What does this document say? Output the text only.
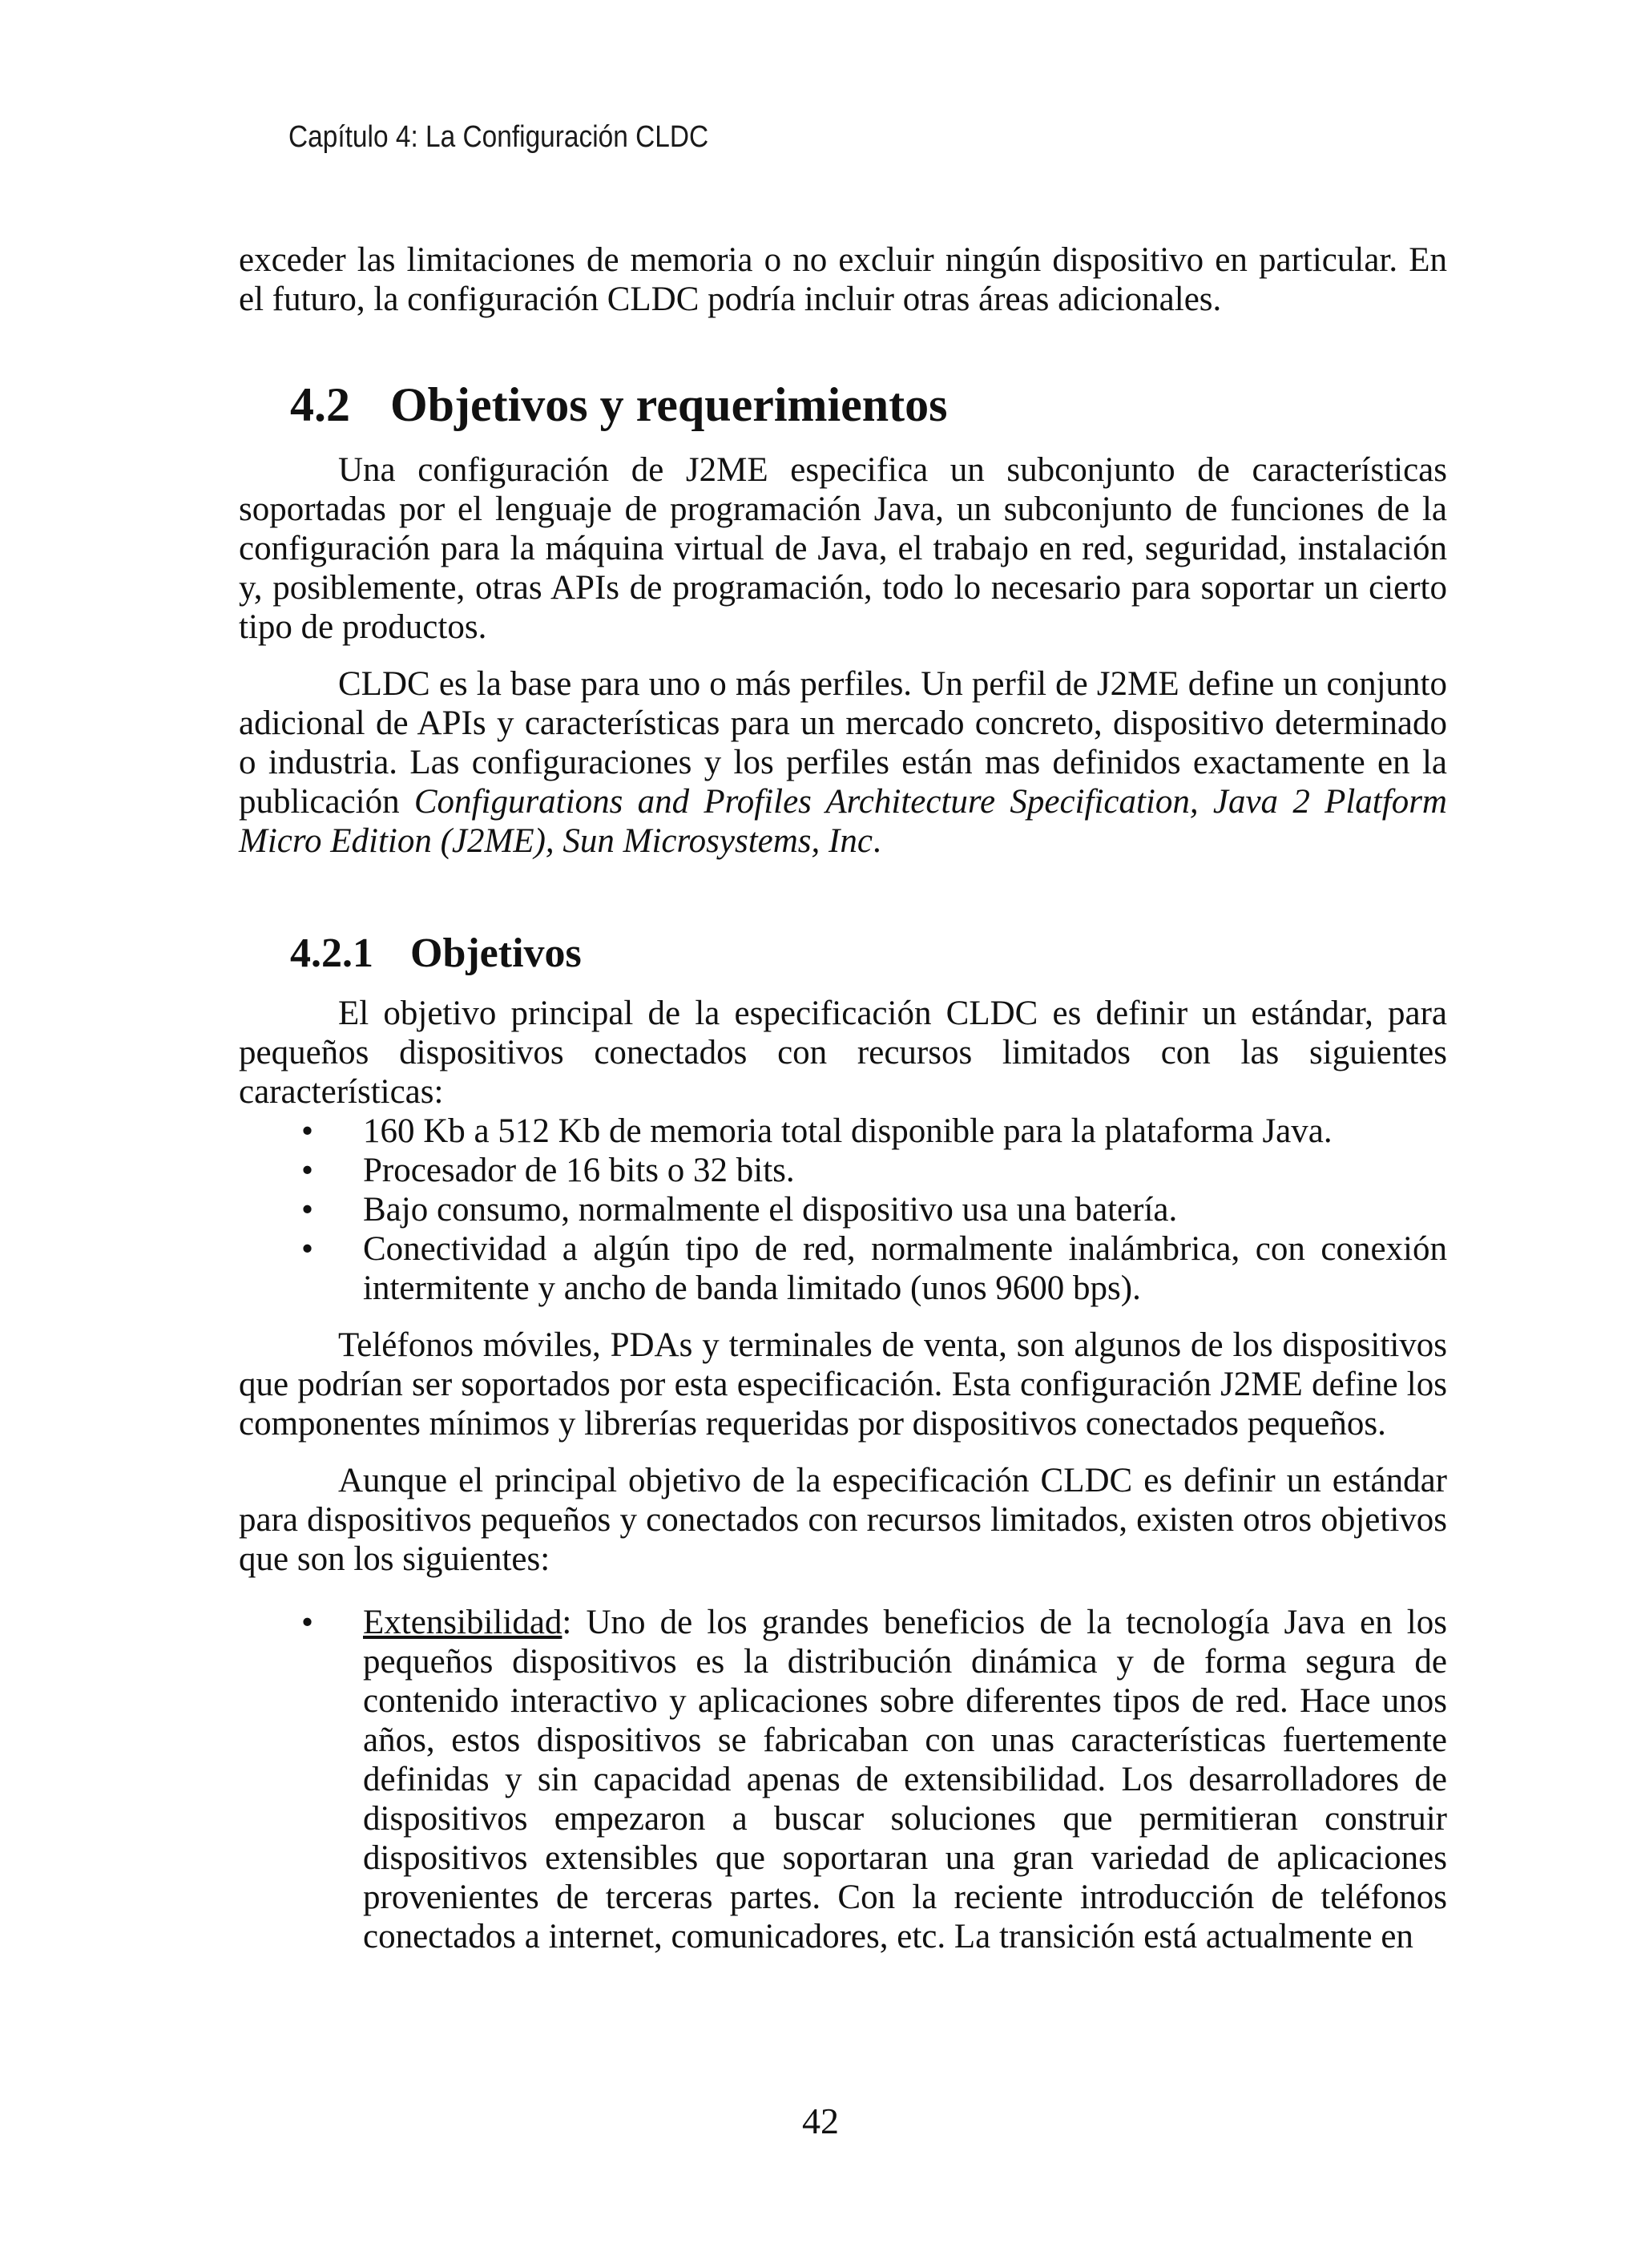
Capítulo 4: La Configuración CLDC

exceder las limitaciones de memoria o no excluir ningún dispositivo en particular. En el futuro, la configuración CLDC podría incluir otras áreas adicionales.

4.2 Objetivos y requerimientos

Una configuración de J2ME especifica un subconjunto de características soportadas por el lenguaje de programación Java, un subconjunto de funciones de la configuración para la máquina virtual de Java, el trabajo en red, seguridad, instalación y, posiblemente, otras APIs de programación, todo lo necesario para soportar un cierto tipo de productos.

CLDC es la base para uno o más perfiles. Un perfil de J2ME define un conjunto adicional de APIs y características para un mercado concreto, dispositivo determinado o industria. Las configuraciones y los perfiles están mas definidos exactamente en la publicación Configurations and Profiles Architecture Specification, Java 2 Platform Micro Edition (J2ME), Sun Microsystems, Inc.

4.2.1 Objetivos

El objetivo principal de la especificación CLDC es definir un estándar, para pequeños dispositivos conectados con recursos limitados con las siguientes características:

• 160 Kb a 512 Kb de memoria total disponible para la plataforma Java.
• Procesador de 16 bits o 32 bits.
• Bajo consumo, normalmente el dispositivo usa una batería.
• Conectividad a algún tipo de red, normalmente inalámbrica, con conexión intermitente y ancho de banda limitado (unos 9600 bps).

Teléfonos móviles, PDAs y terminales de venta, son algunos de los dispositivos que podrían ser soportados por esta especificación. Esta configuración J2ME define los componentes mínimos y librerías requeridas por dispositivos conectados pequeños.

Aunque el principal objetivo de la especificación CLDC es definir un estándar para dispositivos pequeños y conectados con recursos limitados, existen otros objetivos que son los siguientes:

• Extensibilidad: Uno de los grandes beneficios de la tecnología Java en los pequeños dispositivos es la distribución dinámica y de forma segura de contenido interactivo y aplicaciones sobre diferentes tipos de red. Hace unos años, estos dispositivos se fabricaban con unas características fuertemente definidas y sin capacidad apenas de extensibilidad. Los desarrolladores de dispositivos empezaron a buscar soluciones que permitieran construir dispositivos extensibles que soportaran una gran variedad de aplicaciones provenientes de terceras partes. Con la reciente introducción de teléfonos conectados a internet, comunicadores, etc. La transición está actualmente en
42
